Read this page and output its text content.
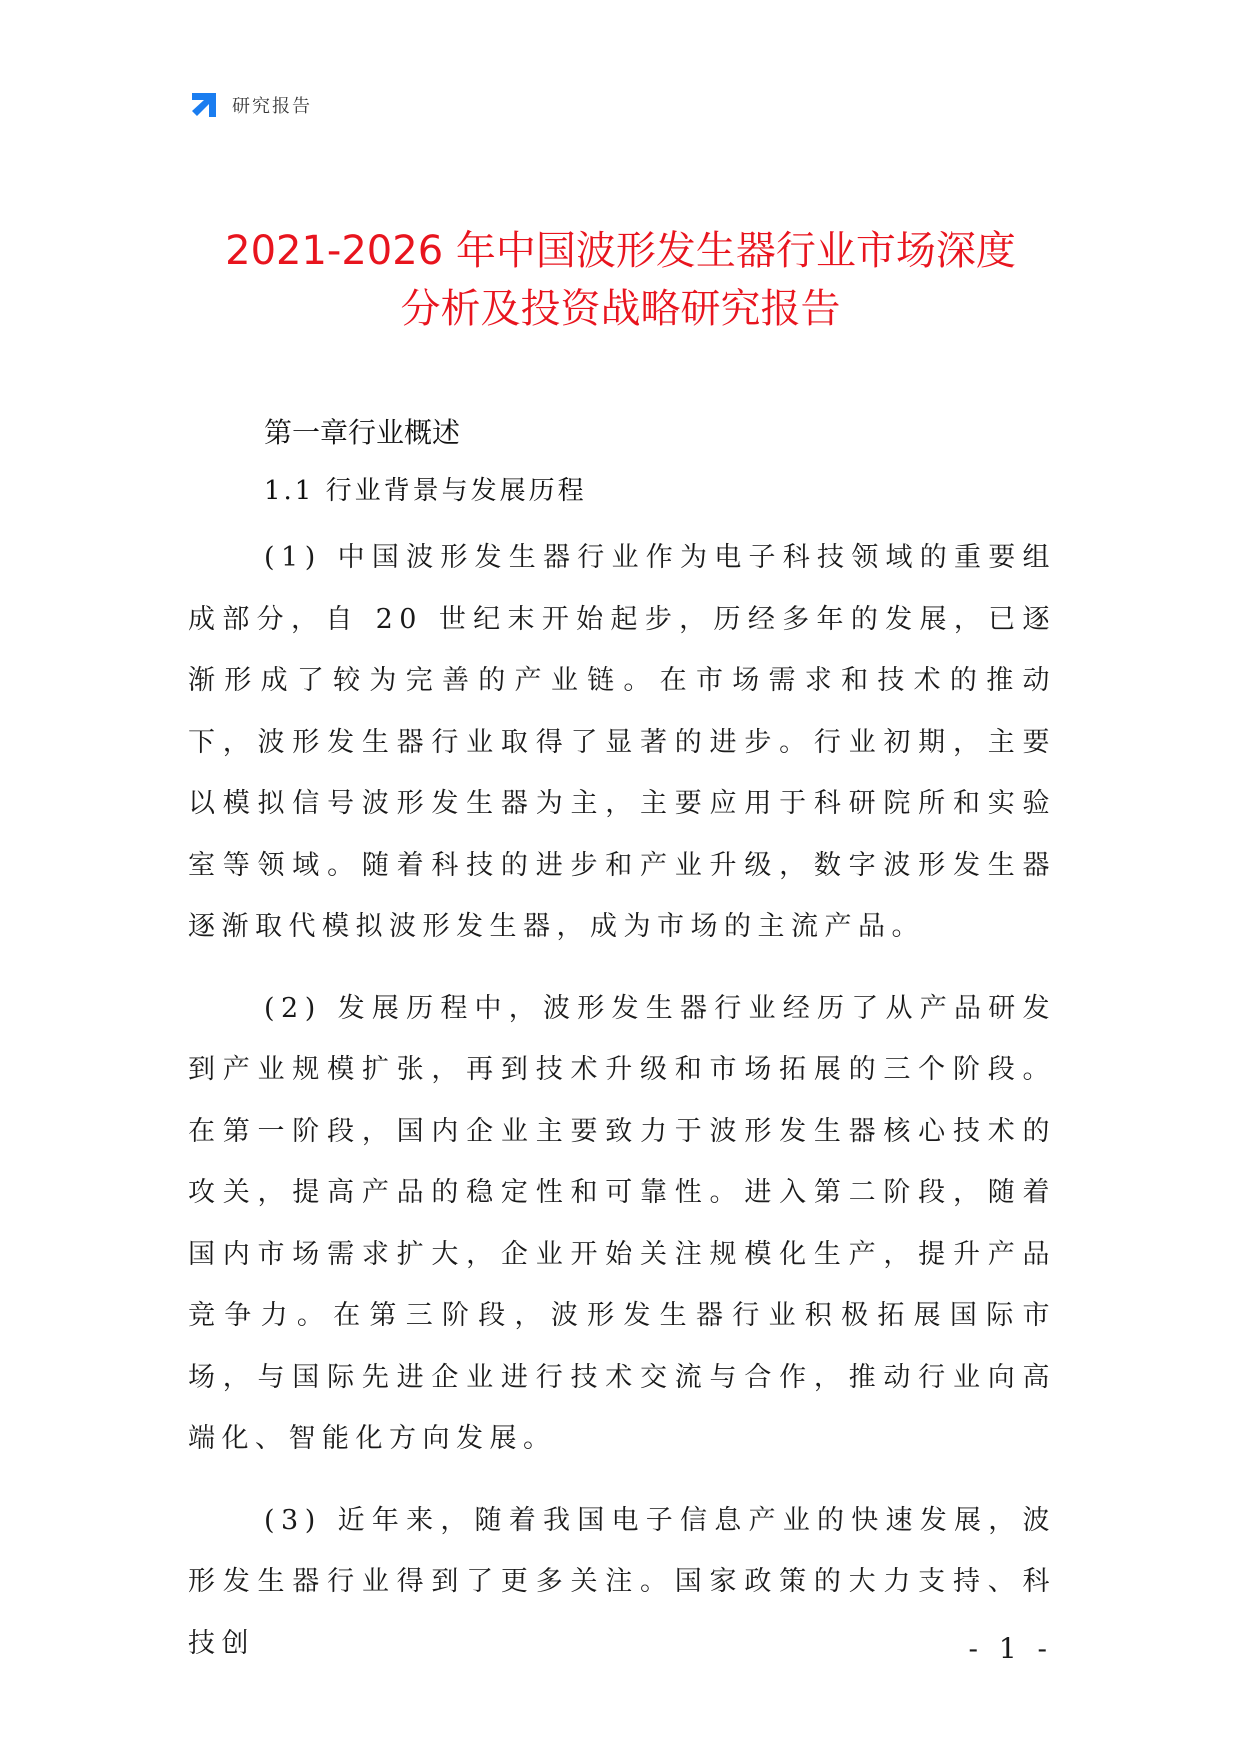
研究报告
2021-2026 年中国波形发生器行业市场深度
分析及投资战略研究报告
第一章行业概述
1.1 行业背景与发展历程

(1) 中国波形发生器行业作为电子科技领域的重要组成部分，自 20 世纪末开始起步，历经多年的发展，已逐渐形成了较为完善的产业链。在市场需求和技术的推动下，波形发生器行业取得了显著的进步。行业初期，主要以模拟信号波形发生器为主，主要应用于科研院所和实验室等领域。随着科技的进步和产业升级，数字波形发生器逐渐取代模拟波形发生器，成为市场的主流产品。

(2) 发展历程中，波形发生器行业经历了从产品研发到产业规模扩张，再到技术升级和市场拓展的三个阶段。在第一阶段，国内企业主要致力于波形发生器核心技术的攻关，提高产品的稳定性和可靠性。进入第二阶段，随着国内市场需求扩大，企业开始关注规模化生产，提升产品竞争力。在第三阶段，波形发生器行业积极拓展国际市场，与国际先进企业进行技术交流与合作，推动行业向高端化、智能化方向发展。

(3) 近年来，随着我国电子信息产业的快速发展，波形发生器行业得到了更多关注。国家政策的大力支持、科技创	- 1 -
